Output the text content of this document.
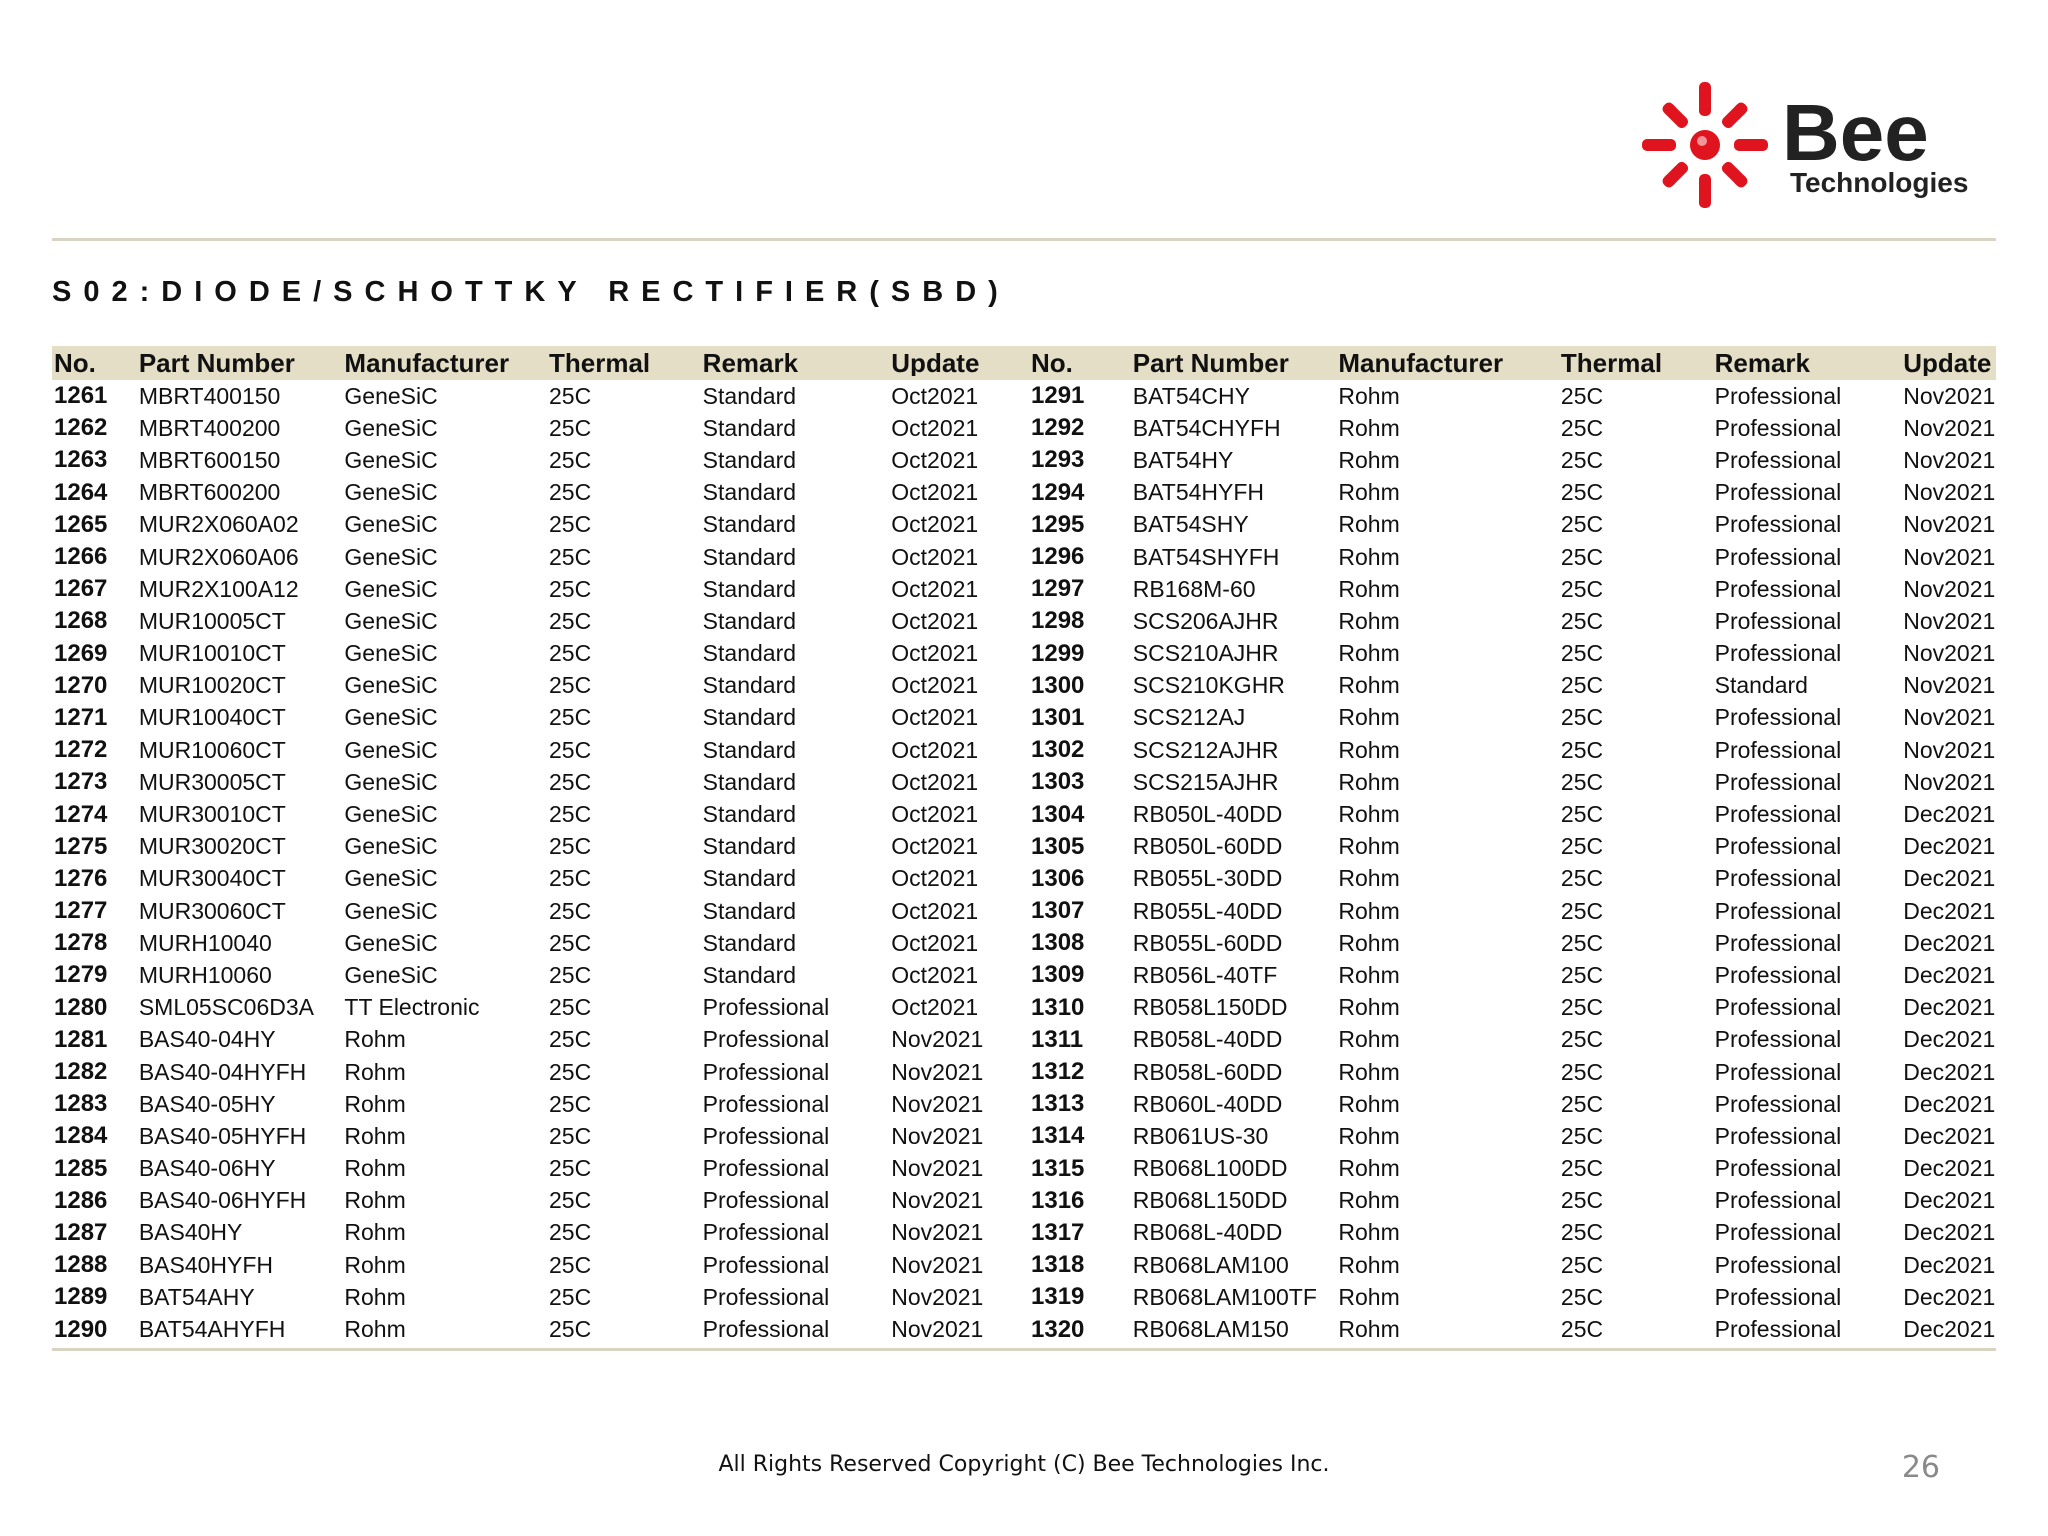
Bee
Technologies
S02:DIODE/SCHOTTKY RECTIFIER(SBD)
No.	Part Number	Manufacturer	Thermal	Remark	Update	No.	Part Number	Manufacturer	Thermal	Remark	Update
1261	MBRT400150	GeneSiC	25C	Standard	Oct2021	1291	BAT54CHY	Rohm	25C	Professional	Nov2021
1262	MBRT400200	GeneSiC	25C	Standard	Oct2021	1292	BAT54CHYFH	Rohm	25C	Professional	Nov2021
1263	MBRT600150	GeneSiC	25C	Standard	Oct2021	1293	BAT54HY	Rohm	25C	Professional	Nov2021
1264	MBRT600200	GeneSiC	25C	Standard	Oct2021	1294	BAT54HYFH	Rohm	25C	Professional	Nov2021
1265	MUR2X060A02	GeneSiC	25C	Standard	Oct2021	1295	BAT54SHY	Rohm	25C	Professional	Nov2021
1266	MUR2X060A06	GeneSiC	25C	Standard	Oct2021	1296	BAT54SHYFH	Rohm	25C	Professional	Nov2021
1267	MUR2X100A12	GeneSiC	25C	Standard	Oct2021	1297	RB168M-60	Rohm	25C	Professional	Nov2021
1268	MUR10005CT	GeneSiC	25C	Standard	Oct2021	1298	SCS206AJHR	Rohm	25C	Professional	Nov2021
1269	MUR10010CT	GeneSiC	25C	Standard	Oct2021	1299	SCS210AJHR	Rohm	25C	Professional	Nov2021
1270	MUR10020CT	GeneSiC	25C	Standard	Oct2021	1300	SCS210KGHR	Rohm	25C	Standard	Nov2021
1271	MUR10040CT	GeneSiC	25C	Standard	Oct2021	1301	SCS212AJ	Rohm	25C	Professional	Nov2021
1272	MUR10060CT	GeneSiC	25C	Standard	Oct2021	1302	SCS212AJHR	Rohm	25C	Professional	Nov2021
1273	MUR30005CT	GeneSiC	25C	Standard	Oct2021	1303	SCS215AJHR	Rohm	25C	Professional	Nov2021
1274	MUR30010CT	GeneSiC	25C	Standard	Oct2021	1304	RB050L-40DD	Rohm	25C	Professional	Dec2021
1275	MUR30020CT	GeneSiC	25C	Standard	Oct2021	1305	RB050L-60DD	Rohm	25C	Professional	Dec2021
1276	MUR30040CT	GeneSiC	25C	Standard	Oct2021	1306	RB055L-30DD	Rohm	25C	Professional	Dec2021
1277	MUR30060CT	GeneSiC	25C	Standard	Oct2021	1307	RB055L-40DD	Rohm	25C	Professional	Dec2021
1278	MURH10040	GeneSiC	25C	Standard	Oct2021	1308	RB055L-60DD	Rohm	25C	Professional	Dec2021
1279	MURH10060	GeneSiC	25C	Standard	Oct2021	1309	RB056L-40TF	Rohm	25C	Professional	Dec2021
1280	SML05SC06D3A	TT Electronic	25C	Professional	Oct2021	1310	RB058L150DD	Rohm	25C	Professional	Dec2021
1281	BAS40-04HY	Rohm	25C	Professional	Nov2021	1311	RB058L-40DD	Rohm	25C	Professional	Dec2021
1282	BAS40-04HYFH	Rohm	25C	Professional	Nov2021	1312	RB058L-60DD	Rohm	25C	Professional	Dec2021
1283	BAS40-05HY	Rohm	25C	Professional	Nov2021	1313	RB060L-40DD	Rohm	25C	Professional	Dec2021
1284	BAS40-05HYFH	Rohm	25C	Professional	Nov2021	1314	RB061US-30	Rohm	25C	Professional	Dec2021
1285	BAS40-06HY	Rohm	25C	Professional	Nov2021	1315	RB068L100DD	Rohm	25C	Professional	Dec2021
1286	BAS40-06HYFH	Rohm	25C	Professional	Nov2021	1316	RB068L150DD	Rohm	25C	Professional	Dec2021
1287	BAS40HY	Rohm	25C	Professional	Nov2021	1317	RB068L-40DD	Rohm	25C	Professional	Dec2021
1288	BAS40HYFH	Rohm	25C	Professional	Nov2021	1318	RB068LAM100	Rohm	25C	Professional	Dec2021
1289	BAT54AHY	Rohm	25C	Professional	Nov2021	1319	RB068LAM100TF Rohm	25C	Professional	Dec2021
1290	BAT54AHYFH	Rohm	25C	Professional	Nov2021	1320	RB068LAM150	Rohm	25C	Professional	Dec2021
All Rights Reserved Copyright (C) Bee Technologies Inc.	26
